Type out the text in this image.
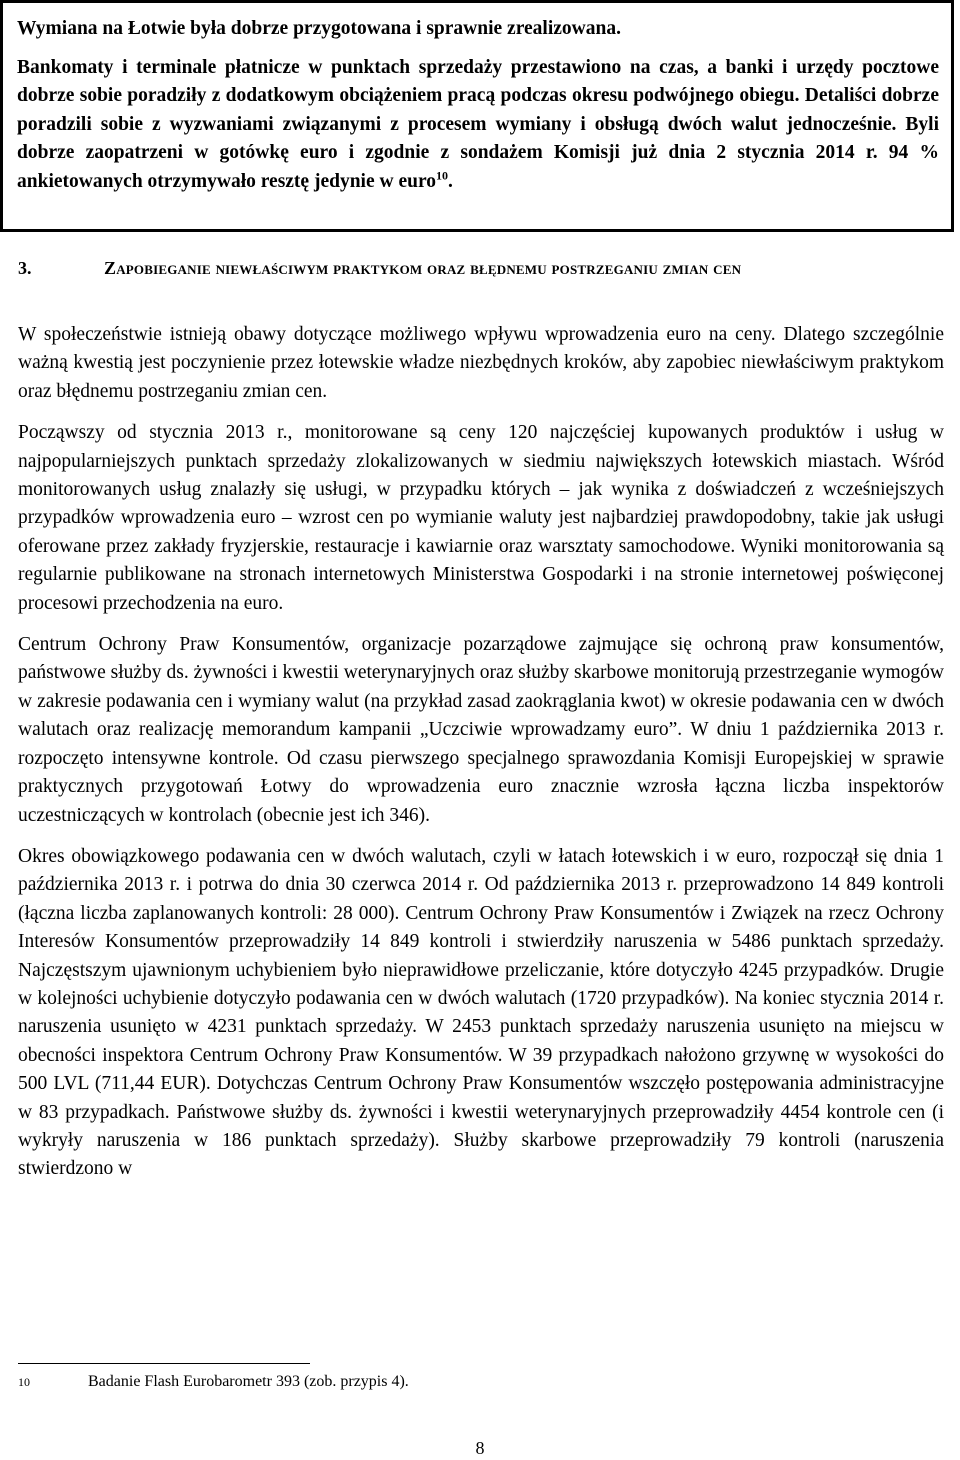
Wymiana na Łotwie była dobrze przygotowana i sprawnie zrealizowana.

Bankomaty i terminale płatnicze w punktach sprzedaży przestawiono na czas, a banki i urzędy pocztowe dobrze sobie poradziły z dodatkowym obciążeniem pracą podczas okresu podwójnego obiegu. Detaliści dobrze poradzili sobie z wyzwaniami związanymi z procesem wymiany i obsługą dwóch walut jednocześnie. Byli dobrze zaopatrzeni w gotówkę euro i zgodnie z sondażem Komisji już dnia 2 stycznia 2014 r. 94 % ankietowanych otrzymywało resztę jedynie w euro$^{10}$.

3.	Zapobieganie niewłaściwym praktykom oraz błędnemu postrzeganiu zmian cen

W społeczeństwie istnieją obawy dotyczące możliwego wpływu wprowadzenia euro na ceny. Dlatego szczególnie ważną kwestią jest poczynienie przez łotewskie władze niezbędnych kroków, aby zapobiec niewłaściwym praktykom oraz błędnemu postrzeganiu zmian cen.

Począwszy od stycznia 2013 r., monitorowane są ceny 120 najczęściej kupowanych produktów i usług w najpopularniejszych punktach sprzedaży zlokalizowanych w siedmiu największych łotewskich miastach. Wśród monitorowanych usług znalazły się usługi, w przypadku których – jak wynika z doświadczeń z wcześniejszych przypadków wprowadzenia euro – wzrost cen po wymianie waluty jest najbardziej prawdopodobny, takie jak usługi oferowane przez zakłady fryzjerskie, restauracje i kawiarnie oraz warsztaty samochodowe. Wyniki monitorowania są regularnie publikowane na stronach internetowych Ministerstwa Gospodarki i na stronie internetowej poświęconej procesowi przechodzenia na euro.

Centrum Ochrony Praw Konsumentów, organizacje pozarządowe zajmujące się ochroną praw konsumentów, państwowe służby ds. żywności i kwestii weterynaryjnych oraz służby skarbowe monitorują przestrzeganie wymogów w zakresie podawania cen i wymiany walut (na przykład zasad zaokrąglania kwot) w okresie podawania cen w dwóch walutach oraz realizację memorandum kampanii „Uczciwie wprowadzamy euro”. W dniu 1 października 2013 r. rozpoczęto intensywne kontrole. Od czasu pierwszego specjalnego sprawozdania Komisji Europejskiej w sprawie praktycznych przygotowań Łotwy do wprowadzenia euro znacznie wzrosła łączna liczba inspektorów uczestniczących w kontrolach (obecnie jest ich 346).

Okres obowiązkowego podawania cen w dwóch walutach, czyli w łatach łotewskich i w euro, rozpoczął się dnia 1 października 2013 r. i potrwa do dnia 30 czerwca 2014 r. Od października 2013 r. przeprowadzono 14 849 kontroli (łączna liczba zaplanowanych kontroli: 28 000). Centrum Ochrony Praw Konsumentów i Związek na rzecz Ochrony Interesów Konsumentów przeprowadziły 14 849 kontroli i stwierdziły naruszenia w 5486 punktach sprzedaży. Najczęstszym ujawnionym uchybieniem było nieprawidłowe przeliczanie, które dotyczyło 4245 przypadków. Drugie w kolejności uchybienie dotyczyło podawania cen w dwóch walutach (1720 przypadków). Na koniec stycznia 2014 r. naruszenia usunięto w 4231 punktach sprzedaży. W 2453 punktach sprzedaży naruszenia usunięto na miejscu w obecności inspektora Centrum Ochrony Praw Konsumentów. W 39 przypadkach nałożono grzywnę w wysokości do 500 LVL (711,44 EUR). Dotychczas Centrum Ochrony Praw Konsumentów wszczęło postępowania administracyjne w 83 przypadkach. Państwowe służby ds. żywności i kwestii weterynaryjnych przeprowadziły 4454 kontrole cen (i wykryły naruszenia w 186 punktach sprzedaży). Służby skarbowe przeprowadziły 79 kontroli (naruszenia stwierdzono w

10	Badanie Flash Eurobarometr 393 (zob. przypis 4).
8
